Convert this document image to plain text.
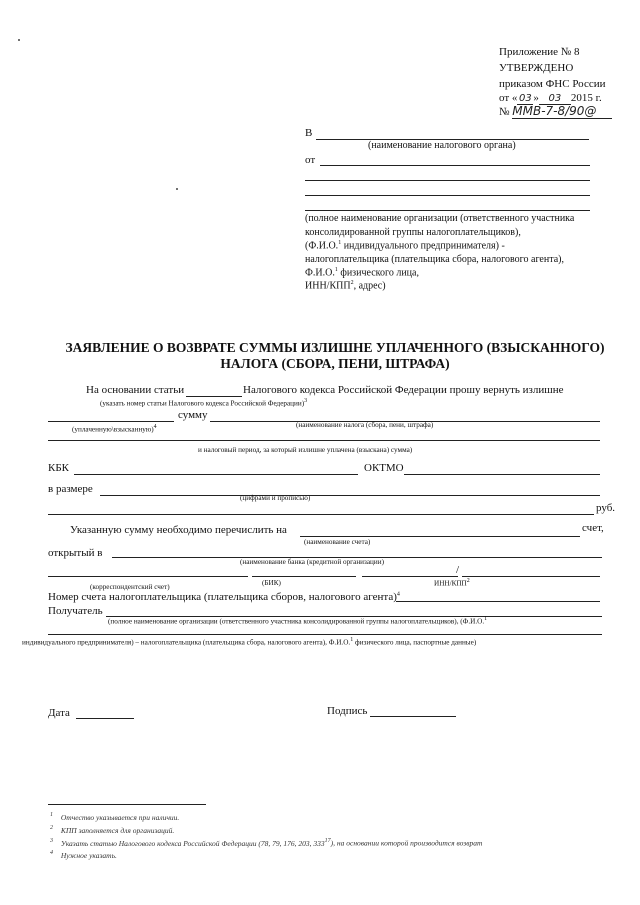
Приложение № 8
УТВЕРЖДЕНО
приказом ФНС России
от « 03 » 03 2015 г.
№ ММВ-7-8/90@
В
(наименование налогового органа)
от
(полное наименование организации (ответственного участника
консолидированной группы налогоплательщиков),
(Ф.И.О.$^1$ индивидуального предпринимателя) -
налогоплательщика (плательщика сбора, налогового агента),
Ф.И.О.$^1$ физического лица,
ИНН/КПП$^2$, адрес)
ЗАЯВЛЕНИЕ О ВОЗВРАТЕ СУММЫ ИЗЛИШНЕ УПЛАЧЕННОГО (ВЗЫСКАННОГО)
НАЛОГА (СБОРА, ПЕНИ, ШТРАФА)
На основании статьи	Налогового кодекса Российской Федерации прошу вернуть излишне
(указать номер статьи Налогового кодекса Российской Федерации)$^3$
сумму
(уплаченную\взысканную)$^4$	(наименование налога (сбора, пени, штрафа)
и налоговый период, за который излишне уплачена (взыскана) сумма)
КБК	ОКТМО
в размере
(цифрами и прописью)
руб.
Указанную сумму необходимо перечислить на	счет,
(наименование счета)
открытый в
(наименование банка (кредитной организации)
/
(корреспондентский счет)	(БИК)	ИНН/КПП$^2$
Номер счета налогоплательщика (плательщика сборов, налогового агента)$^4$
Получатель
(полное наименование организации (ответственного участника консолидированной группы налогоплательщиков), (Ф.И.О.$^1$
индивидуального предпринимателя) – налогоплательщика (плательщика сбора, налогового агента), Ф.И.О.$^1$ физического лица, паспортные данные)
Дата	Подпись
$^1$ Отчество указывается при наличии.
$^2$ КПП заполняется для организаций.
$^3$ Указать статью Налогового кодекса Российской Федерации (78, 79, 176, 203, $333^{17}$), на основании которой производится возврат
$^4$ Нужное указать.
